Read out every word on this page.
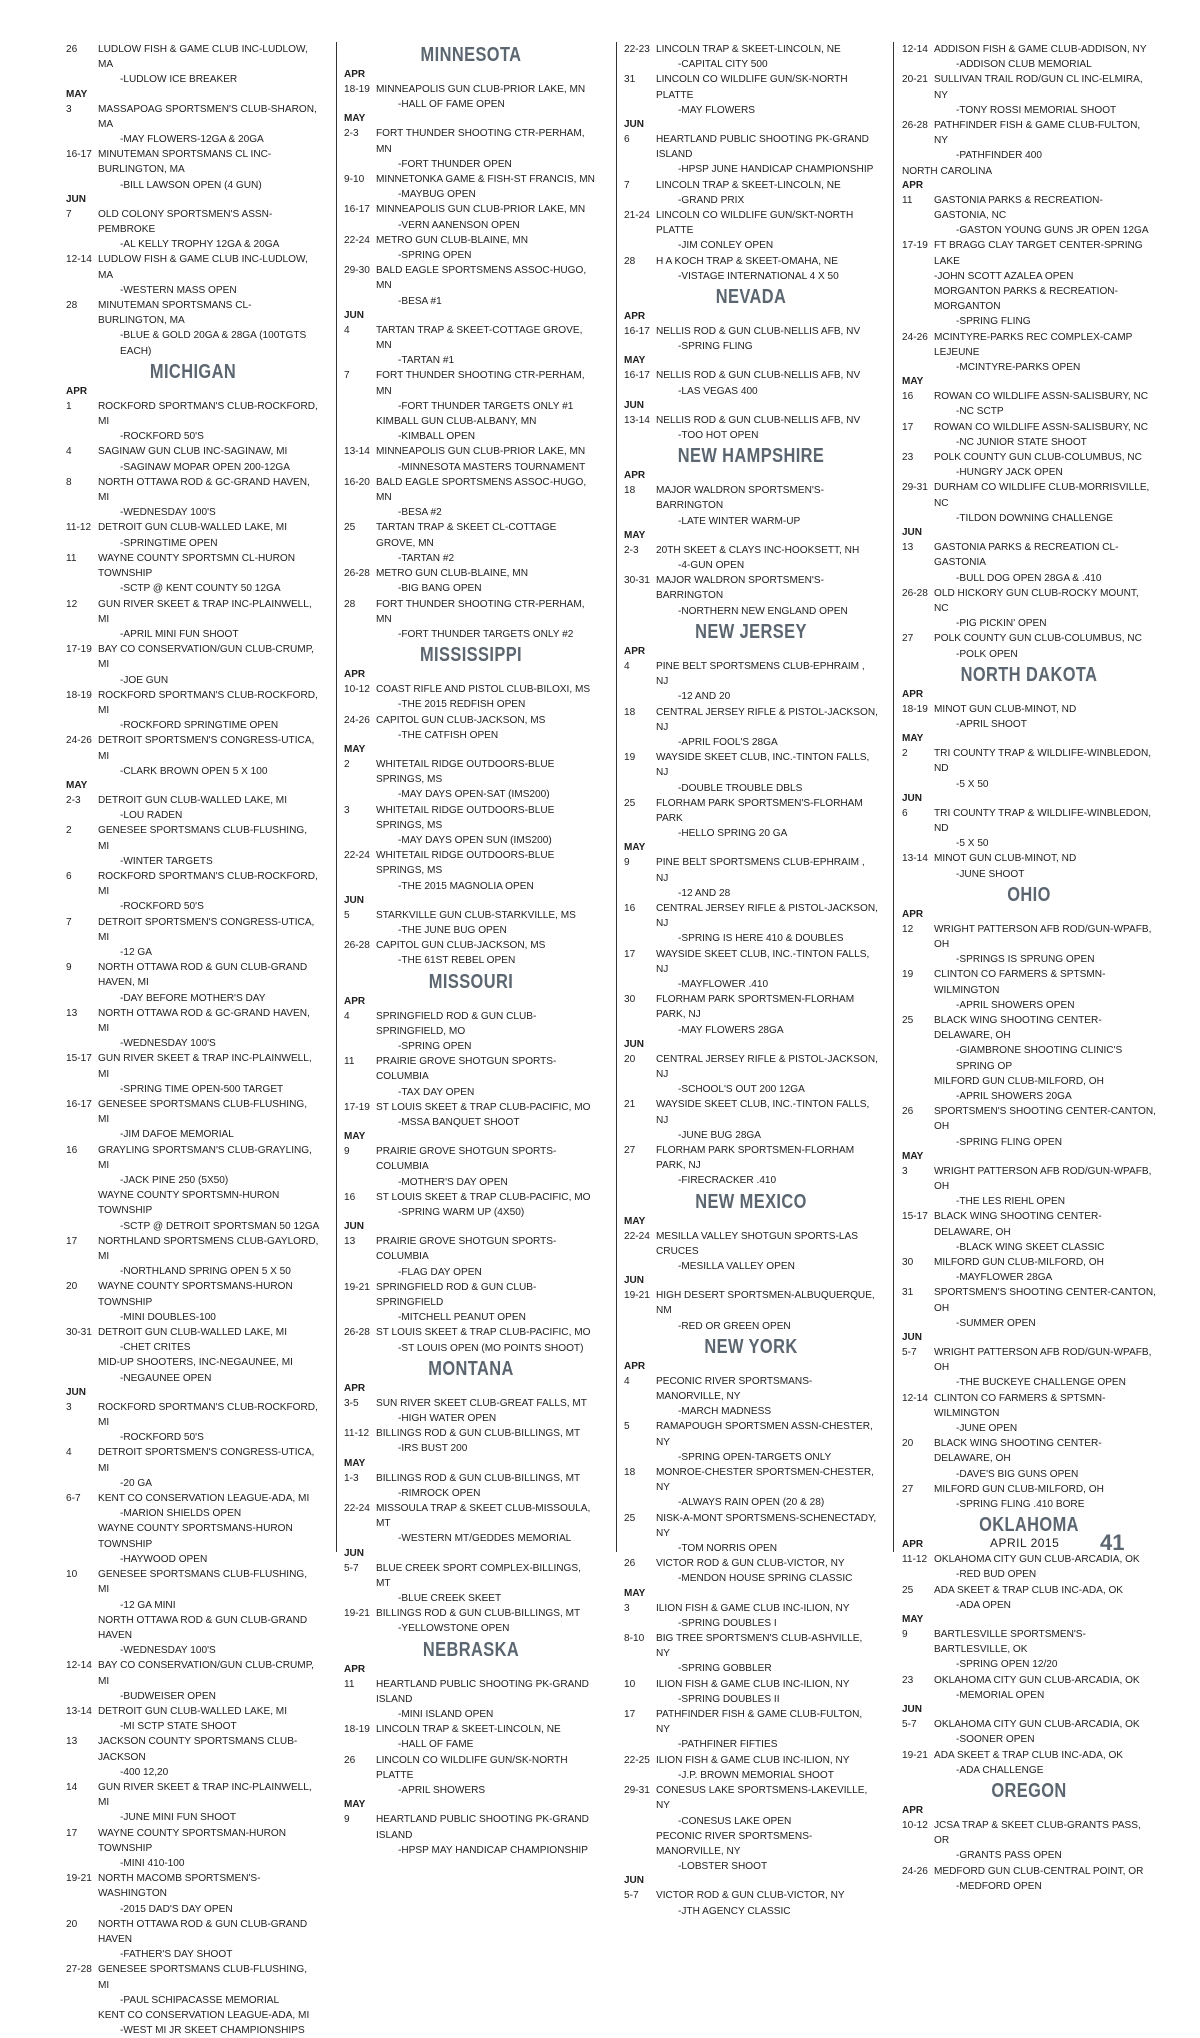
26 LUDLOW FISH & GAME CLUB INC-LUDLOW, MA
-LUDLOW ICE BREAKER
MAY
3	MASSAPOAG SPORTSMEN'S CLUB-SHARON, MA
-MAY FLOWERS-12GA & 20GA
16-17 MINUTEMAN SPORTSMANS CL INC-BURLINGTON, MA
-BILL LAWSON OPEN (4 GUN)
JUN
7	OLD COLONY SPORTSMEN'S ASSN-PEMBROKE
-AL KELLY TROPHY 12GA & 20GA
12-14 LUDLOW FISH & GAME CLUB INC-LUDLOW, MA
-WESTERN MASS OPEN
28 MINUTEMAN SPORTSMANS CL-BURLINGTON, MA
-BLUE & GOLD 20GA & 28GA (100TGTS EACH)
MICHIGAN
APR
1	ROCKFORD SPORTMAN'S CLUB-ROCKFORD, MI
-ROCKFORD 50'S
4	SAGINAW GUN CLUB INC-SAGINAW, MI
-SAGINAW MOPAR OPEN 200-12GA
8	NORTH OTTAWA ROD & GC-GRAND HAVEN, MI
-WEDNESDAY 100'S
11-12 DETROIT GUN CLUB-WALLED LAKE, MI
-SPRINGTIME OPEN
11 WAYNE COUNTY SPORTSMN CL-HURON TOWNSHIP
-SCTP @ KENT COUNTY 50 12GA
12 GUN RIVER SKEET & TRAP INC-PLAINWELL, MI
-APRIL MINI FUN SHOOT
17-19 BAY CO CONSERVATION/GUN CLUB-CRUMP, MI
-JOE GUN
18-19 ROCKFORD SPORTMAN'S CLUB-ROCKFORD, MI
-ROCKFORD SPRINGTIME OPEN
24-26 DETROIT SPORTSMEN'S CONGRESS-UTICA, MI
-CLARK BROWN OPEN 5 X 100
MAY
2-3 DETROIT GUN CLUB-WALLED LAKE, MI
-LOU RADEN
2	GENESEE SPORTSMANS CLUB-FLUSHING, MI
-WINTER TARGETS
6	ROCKFORD SPORTMAN'S CLUB-ROCKFORD, MI
-ROCKFORD 50'S
7	DETROIT SPORTSMEN'S CONGRESS-UTICA, MI
-12 GA
9	NORTH OTTAWA ROD & GUN CLUB-GRAND HAVEN, MI
-DAY BEFORE MOTHER'S DAY
13 NORTH OTTAWA ROD & GC-GRAND HAVEN, MI
-WEDNESDAY 100'S
15-17 GUN RIVER SKEET & TRAP INC-PLAINWELL, MI
-SPRING TIME OPEN-500 TARGET
16-17 GENESEE SPORTSMANS CLUB-FLUSHING, MI
-JIM DAFOE MEMORIAL
16 GRAYLING SPORTSMAN'S CLUB-GRAYLING, MI
-JACK PINE 250 (5X50)
WAYNE COUNTY SPORTSMN-HURON TOWNSHIP
-SCTP @ DETROIT SPORTSMAN 50 12GA
17 NORTHLAND SPORTSMENS CLUB-GAYLORD, MI
-NORTHLAND SPRING OPEN 5 X 50
20 WAYNE COUNTY SPORTSMANS-HURON TOWNSHIP
-MINI DOUBLES-100
30-31 DETROIT GUN CLUB-WALLED LAKE, MI
-CHET CRITES
MID-UP SHOOTERS, INC-NEGAUNEE, MI
-NEGAUNEE OPEN
JUN
3	ROCKFORD SPORTMAN'S CLUB-ROCKFORD, MI
-ROCKFORD 50'S
4	DETROIT SPORTSMEN'S CONGRESS-UTICA, MI
-20 GA
6-7 KENT CO CONSERVATION LEAGUE-ADA, MI
-MARION SHIELDS OPEN
WAYNE COUNTY SPORTSMANS-HURON TOWNSHIP
-HAYWOOD OPEN
10 GENESEE SPORTSMANS CLUB-FLUSHING, MI
-12 GA MINI
NORTH OTTAWA ROD & GUN CLUB-GRAND HAVEN
-WEDNESDAY 100'S
12-14 BAY CO CONSERVATION/GUN CLUB-CRUMP, MI
-BUDWEISER OPEN
13-14 DETROIT GUN CLUB-WALLED LAKE, MI
-MI SCTP STATE SHOOT
13 JACKSON COUNTY SPORTSMANS CLUB-JACKSON
-400 12,20
14 GUN RIVER SKEET & TRAP INC-PLAINWELL, MI
-JUNE MINI FUN SHOOT
17 WAYNE COUNTY SPORTSMAN-HURON TOWNSHIP
-MINI 410-100
19-21 NORTH MACOMB SPORTSMEN'S-WASHINGTON
-2015 DAD'S DAY OPEN
20 NORTH OTTAWA ROD & GUN CLUB-GRAND HAVEN
-FATHER'S DAY SHOOT
27-28 GENESEE SPORTSMANS CLUB-FLUSHING, MI
-PAUL SCHIPACASSE MEMORIAL
KENT CO CONSERVATION LEAGUE-ADA, MI
-WEST MI JR SKEET CHAMPIONSHIPS
MINNESOTA
APR
18-19 MINNEAPOLIS GUN CLUB-PRIOR LAKE, MN
-HALL OF FAME OPEN
MAY
2-3 FORT THUNDER SHOOTING CTR-PERHAM, MN
-FORT THUNDER OPEN
9-10 MINNETONKA GAME & FISH-ST FRANCIS, MN
-MAYBUG OPEN
16-17 MINNEAPOLIS GUN CLUB-PRIOR LAKE, MN
-VERN AANENSON OPEN
22-24 METRO GUN CLUB-BLAINE, MN
-SPRING OPEN
29-30 BALD EAGLE SPORTSMENS ASSOC-HUGO, MN
-BESA #1
JUN
4	TARTAN TRAP & SKEET-COTTAGE GROVE, MN
-TARTAN #1
7	FORT THUNDER SHOOTING CTR-PERHAM, MN
-FORT THUNDER TARGETS ONLY #1
KIMBALL GUN CLUB-ALBANY, MN
-KIMBALL OPEN
13-14 MINNEAPOLIS GUN CLUB-PRIOR LAKE, MN
-MINNESOTA MASTERS TOURNAMENT
16-20 BALD EAGLE SPORTSMENS ASSOC-HUGO, MN
-BESA #2
25 TARTAN TRAP & SKEET CL-COTTAGE GROVE, MN
-TARTAN #2
26-28 METRO GUN CLUB-BLAINE, MN
-BIG BANG OPEN
28 FORT THUNDER SHOOTING CTR-PERHAM, MN
-FORT THUNDER TARGETS ONLY #2
MISSISSIPPI
APR
10-12 COAST RIFLE AND PISTOL CLUB-BILOXI, MS
-THE 2015 REDFISH OPEN
24-26 CAPITOL GUN CLUB-JACKSON, MS
-THE CATFISH OPEN
MAY
2	WHITETAIL RIDGE OUTDOORS-BLUE SPRINGS, MS
-MAY DAYS OPEN-SAT (IMS200)
3	WHITETAIL RIDGE OUTDOORS-BLUE SPRINGS, MS
-MAY DAYS OPEN SUN (IMS200)
22-24 WHITETAIL RIDGE OUTDOORS-BLUE SPRINGS, MS
-THE 2015 MAGNOLIA OPEN
JUN
5	STARKVILLE GUN CLUB-STARKVILLE, MS
-THE JUNE BUG OPEN
26-28 CAPITOL GUN CLUB-JACKSON, MS
-THE 61ST REBEL OPEN
MISSOURI
APR
4	SPRINGFIELD ROD & GUN CLUB-SPRINGFIELD, MO
-SPRING OPEN
11 PRAIRIE GROVE SHOTGUN SPORTS-COLUMBIA
-TAX DAY OPEN
17-19 ST LOUIS SKEET & TRAP CLUB-PACIFIC, MO
-MSSA BANQUET SHOOT
MAY
9	PRAIRIE GROVE SHOTGUN SPORTS-COLUMBIA
-MOTHER'S DAY OPEN
16 ST LOUIS SKEET & TRAP CLUB-PACIFIC, MO
-SPRING WARM UP (4X50)
JUN
13 PRAIRIE GROVE SHOTGUN SPORTS-COLUMBIA
-FLAG DAY OPEN
19-21 SPRINGFIELD ROD & GUN CLUB-SPRINGFIELD
-MITCHELL PEANUT OPEN
26-28 ST LOUIS SKEET & TRAP CLUB-PACIFIC, MO
-ST LOUIS OPEN (MO POINTS SHOOT)
MONTANA
APR
3-5 SUN RIVER SKEET CLUB-GREAT FALLS, MT
-HIGH WATER OPEN
11-12 BILLINGS ROD & GUN CLUB-BILLINGS, MT
-IRS BUST 200
MAY
1-3 BILLINGS ROD & GUN CLUB-BILLINGS, MT
-RIMROCK OPEN
22-24 MISSOULA TRAP & SKEET CLUB-MISSOULA, MT
-WESTERN MT/GEDDES MEMORIAL
JUN
5-7 BLUE CREEK SPORT COMPLEX-BILLINGS, MT
-BLUE CREEK SKEET
19-21 BILLINGS ROD & GUN CLUB-BILLINGS, MT
-YELLOWSTONE OPEN
NEBRASKA
APR
11 HEARTLAND PUBLIC SHOOTING PK-GRAND ISLAND
-MINI ISLAND OPEN
18-19 LINCOLN TRAP & SKEET-LINCOLN, NE
-HALL OF FAME
26 LINCOLN CO WILDLIFE GUN/SK-NORTH PLATTE
-APRIL SHOWERS
MAY
9	HEARTLAND PUBLIC SHOOTING PK-GRAND ISLAND
-HPSP MAY HANDICAP CHAMPIONSHIP
22-23 LINCOLN TRAP & SKEET-LINCOLN, NE
-CAPITAL CITY 500
31 LINCOLN CO WILDLIFE GUN/SK-NORTH PLATTE
-MAY FLOWERS
JUN
6	HEARTLAND PUBLIC SHOOTING PK-GRAND ISLAND
-HPSP JUNE HANDICAP CHAMPIONSHIP
7	LINCOLN TRAP & SKEET-LINCOLN, NE
-GRAND PRIX
21-24 LINCOLN CO WILDLIFE GUN/SKT-NORTH PLATTE
-JIM CONLEY OPEN
28 H A KOCH TRAP & SKEET-OMAHA, NE
-VISTAGE INTERNATIONAL 4 X 50
NEVADA
APR
16-17 NELLIS ROD & GUN CLUB-NELLIS AFB, NV
-SPRING FLING
MAY
16-17 NELLIS ROD & GUN CLUB-NELLIS AFB, NV
-LAS VEGAS 400
JUN
13-14 NELLIS ROD & GUN CLUB-NELLIS AFB, NV
-TOO HOT OPEN
NEW HAMPSHIRE
APR
18 MAJOR WALDRON SPORTSMEN'S-BARRINGTON
-LATE WINTER WARM-UP
MAY
2-3 20TH SKEET & CLAYS INC-HOOKSETT, NH
-4-GUN OPEN
30-31 MAJOR WALDRON SPORTSMEN'S-BARRINGTON
-NORTHERN NEW ENGLAND OPEN
NEW JERSEY
APR
4	PINE BELT SPORTSMENS CLUB-EPHRAIM , NJ
-12 AND 20
18 CENTRAL JERSEY RIFLE & PISTOL-JACKSON, NJ
-APRIL FOOL'S 28GA
19 WAYSIDE SKEET CLUB, INC.-TINTON FALLS, NJ
-DOUBLE TROUBLE DBLS
25 FLORHAM PARK SPORTSMEN'S-FLORHAM PARK
-HELLO SPRING 20 GA
MAY
9	PINE BELT SPORTSMENS CLUB-EPHRAIM , NJ
-12 AND 28
16 CENTRAL JERSEY RIFLE & PISTOL-JACKSON, NJ
-SPRING IS HERE 410 & DOUBLES
17 WAYSIDE SKEET CLUB, INC.-TINTON FALLS, NJ
-MAYFLOWER .410
30 FLORHAM PARK SPORTSMEN-FLORHAM PARK, NJ
-MAY FLOWERS 28GA
JUN
20 CENTRAL JERSEY RIFLE & PISTOL-JACKSON, NJ
-SCHOOL'S OUT 200 12GA
21 WAYSIDE SKEET CLUB, INC.-TINTON FALLS, NJ
-JUNE BUG 28GA
27 FLORHAM PARK SPORTSMEN-FLORHAM PARK, NJ
-FIRECRACKER .410
NEW MEXICO
MAY
22-24 MESILLA VALLEY SHOTGUN SPORTS-LAS CRUCES
-MESILLA VALLEY OPEN
JUN
19-21 HIGH DESERT SPORTSMEN-ALBUQUERQUE, NM
-RED OR GREEN OPEN
NEW YORK
APR
4	PECONIC RIVER SPORTSMANS-MANORVILLE, NY
-MARCH MADNESS
5	RAMAPOUGH SPORTSMEN ASSN-CHESTER, NY
-SPRING OPEN-TARGETS ONLY
18 MONROE-CHESTER SPORTSMEN-CHESTER, NY
-ALWAYS RAIN OPEN (20 & 28)
25 NISK-A-MONT SPORTSMENS-SCHENECTADY, NY
-TOM NORRIS OPEN
26 VICTOR ROD & GUN CLUB-VICTOR, NY
-MENDON HOUSE SPRING CLASSIC
MAY
3	ILION FISH & GAME CLUB INC-ILION, NY
-SPRING DOUBLES I
8-10 BIG TREE SPORTSMEN'S CLUB-ASHVILLE, NY
-SPRING GOBBLER
10 ILION FISH & GAME CLUB INC-ILION, NY
-SPRING DOUBLES II
17 PATHFINDER FISH & GAME CLUB-FULTON, NY
-PATHFINER FIFTIES
22-25 ILION FISH & GAME CLUB INC-ILION, NY
-J.P. BROWN MEMORIAL SHOOT
29-31 CONESUS LAKE SPORTSMENS-LAKEVILLE, NY
-CONESUS LAKE OPEN
PECONIC RIVER SPORTSMENS-MANORVILLE, NY
-LOBSTER SHOOT
JUN
5-7 VICTOR ROD & GUN CLUB-VICTOR, NY
-JTH AGENCY CLASSIC
12-14 ADDISON FISH & GAME CLUB-ADDISON, NY
-ADDISON CLUB MEMORIAL
20-21 SULLIVAN TRAIL ROD/GUN CL INC-ELMIRA, NY
-TONY ROSSI MEMORIAL SHOOT
26-28 PATHFINDER FISH & GAME CLUB-FULTON, NY
-PATHFINDER 400
NORTH CAROLINA
APR
11 GASTONIA PARKS & RECREATION-GASTONIA, NC
-GASTON YOUNG GUNS JR OPEN 12GA
17-19 FT BRAGG CLAY TARGET CENTER-SPRING LAKE
-JOHN SCOTT AZALEA OPEN
MORGANTON PARKS & RECREATION-MORGANTON
-SPRING FLING
24-26 MCINTYRE-PARKS REC COMPLEX-CAMP LEJEUNE
-MCINTYRE-PARKS OPEN
MAY
16 ROWAN CO WILDLIFE ASSN-SALISBURY, NC
-NC SCTP
17 ROWAN CO WILDLIFE ASSN-SALISBURY, NC
-NC JUNIOR STATE SHOOT
23 POLK COUNTY GUN CLUB-COLUMBUS, NC
-HUNGRY JACK OPEN
29-31 DURHAM CO WILDLIFE CLUB-MORRISVILLE, NC
-TILDON DOWNING CHALLENGE
JUN
13 GASTONIA PARKS & RECREATION CL-GASTONIA
-BULL DOG OPEN 28GA & .410
26-28 OLD HICKORY GUN CLUB-ROCKY MOUNT, NC
-PIG PICKIN' OPEN
27 POLK COUNTY GUN CLUB-COLUMBUS, NC
-POLK OPEN
NORTH DAKOTA
APR
18-19 MINOT GUN CLUB-MINOT, ND
-APRIL SHOOT
MAY
2	TRI COUNTY TRAP & WILDLIFE-WINBLEDON, ND
-5 X 50
JUN
6	TRI COUNTY TRAP & WILDLIFE-WINBLEDON, ND
-5 X 50
13-14 MINOT GUN CLUB-MINOT, ND
-JUNE SHOOT
OHIO
APR
12 WRIGHT PATTERSON AFB ROD/GUN-WPAFB, OH
-SPRINGS IS SPRUNG OPEN
19 CLINTON CO FARMERS & SPTSMN-WILMINGTON
-APRIL SHOWERS OPEN
25 BLACK WING SHOOTING CENTER-DELAWARE, OH
-GIAMBRONE SHOOTING CLINIC'S SPRING OP
MILFORD GUN CLUB-MILFORD, OH
-APRIL SHOWERS 20GA
26 SPORTSMEN'S SHOOTING CENTER-CANTON, OH
-SPRING FLING OPEN
MAY
3	WRIGHT PATTERSON AFB ROD/GUN-WPAFB, OH
-THE LES RIEHL OPEN
15-17 BLACK WING SHOOTING CENTER-DELAWARE, OH
-BLACK WING SKEET CLASSIC
30 MILFORD GUN CLUB-MILFORD, OH
-MAYFLOWER 28GA
31 SPORTSMEN'S SHOOTING CENTER-CANTON, OH
-SUMMER OPEN
JUN
5-7 WRIGHT PATTERSON AFB ROD/GUN-WPAFB, OH
-THE BUCKEYE CHALLENGE OPEN
12-14 CLINTON CO FARMERS & SPTSMN-WILMINGTON
-JUNE OPEN
20 BLACK WING SHOOTING CENTER-DELAWARE, OH
-DAVE'S BIG GUNS OPEN
27 MILFORD GUN CLUB-MILFORD, OH
-SPRING FLING .410 BORE
OKLAHOMA
APR
11-12 OKLAHOMA CITY GUN CLUB-ARCADIA, OK
-RED BUD OPEN
25 ADA SKEET & TRAP CLUB INC-ADA, OK
-ADA OPEN
MAY
9	BARTLESVILLE SPORTSMEN'S-BARTLESVILLE, OK
-SPRING OPEN 12/20
23 OKLAHOMA CITY GUN CLUB-ARCADIA, OK
-MEMORIAL OPEN
JUN
5-7 OKLAHOMA CITY GUN CLUB-ARCADIA, OK
-SOONER OPEN
19-21 ADA SKEET & TRAP CLUB INC-ADA, OK
-ADA CHALLENGE
OREGON
APR
10-12 JCSA TRAP & SKEET CLUB-GRANTS PASS, OR
-GRANTS PASS OPEN
24-26 MEDFORD GUN CLUB-CENTRAL POINT, OR
-MEDFORD OPEN
APRIL 2015 41
